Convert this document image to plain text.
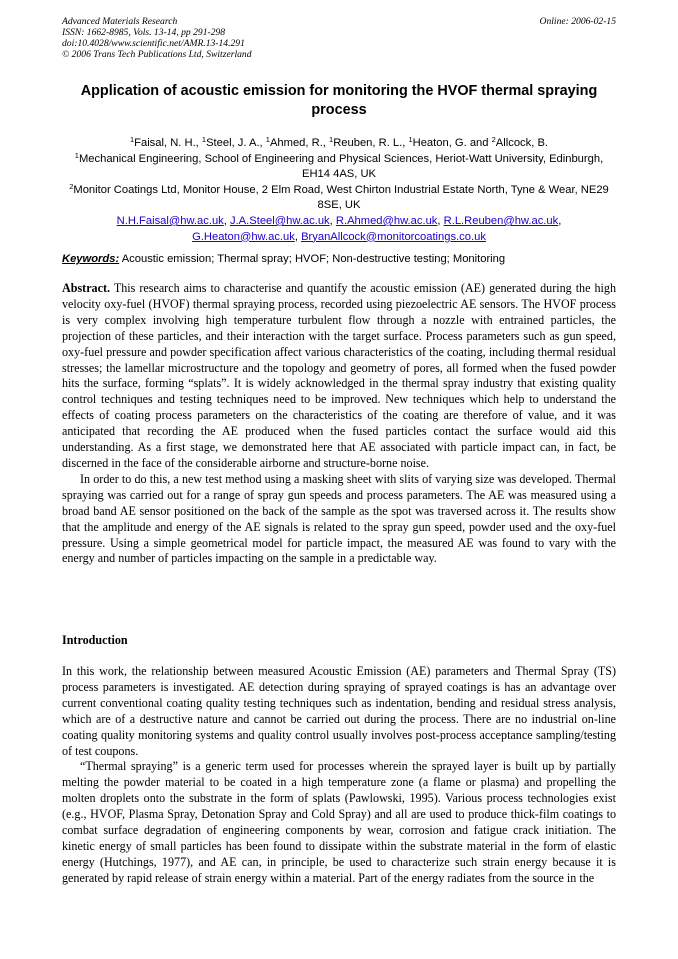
Advanced Materials Research
ISSN: 1662-8985, Vols. 13-14, pp 291-298
doi:10.4028/www.scientific.net/AMR.13-14.291
© 2006 Trans Tech Publications Ltd, Switzerland
Online: 2006-02-15
Application of acoustic emission for monitoring the HVOF thermal spraying process
$^1$Faisal, N. H., $^1$Steel, J. A., $^1$Ahmed, R., $^1$Reuben, R. L., $^1$Heaton, G. and $^2$Allcock, B.
$^1$Mechanical Engineering, School of Engineering and Physical Sciences, Heriot-Watt University, Edinburgh, EH14 4AS, UK
$^2$Monitor Coatings Ltd, Monitor House, 2 Elm Road, West Chirton Industrial Estate North, Tyne & Wear, NE29 8SE, UK
N.H.Faisal@hw.ac.uk, J.A.Steel@hw.ac.uk, R.Ahmed@hw.ac.uk, R.L.Reuben@hw.ac.uk,
G.Heaton@hw.ac.uk, BryanAllcock@monitorcoatings.co.uk
Keywords: Acoustic emission; Thermal spray; HVOF; Non-destructive testing; Monitoring

Abstract. This research aims to characterise and quantify the acoustic emission (AE) generated during the high velocity oxy-fuel (HVOF) thermal spraying process, recorded using piezoelectric AE sensors. The HVOF process is very complex involving high temperature turbulent flow through a nozzle with entrained particles, the projection of these particles, and their interaction with the target surface. Process parameters such as gun speed, oxy-fuel pressure and powder specification affect various characteristics of the coating, including thermal residual stresses; the lamellar microstructure and the topology and geometry of pores, all formed when the fused powder hits the surface, forming “splats”. It is widely acknowledged in the thermal spray industry that existing quality control techniques and testing techniques need to be improved. New techniques which help to understand the effects of coating process parameters on the characteristics of the coating are therefore of value, and it was anticipated that recording the AE produced when the fused particles contact the surface would aid this understanding. As a first stage, we demonstrated here that AE associated with particle impact can, in fact, be discerned in the face of the considerable airborne and structure-borne noise.

In order to do this, a new test method using a masking sheet with slits of varying size was developed. Thermal spraying was carried out for a range of spray gun speeds and process parameters. The AE was measured using a broad band AE sensor positioned on the back of the sample as the spot was traversed across it. The results show that the amplitude and energy of the AE signals is related to the spray gun speed, powder used and the oxy-fuel pressure. Using a simple geometrical model for particle impact, the measured AE was found to vary with the energy and number of particles impacting on the sample in a predictable way.

Introduction

In this work, the relationship between measured Acoustic Emission (AE) parameters and Thermal Spray (TS) process parameters is investigated. AE detection during spraying of sprayed coatings is has an advantage over current conventional coating quality testing techniques such as indentation, bending and residual stress analysis, which are of a destructive nature and cannot be carried out during the process. There are no industrial on-line coating quality monitoring systems and quality control usually involves post-process acceptance sampling/testing of test coupons.

“Thermal spraying” is a generic term used for processes wherein the sprayed layer is built up by partially melting the powder material to be coated in a high temperature zone (a flame or plasma) and propelling the molten droplets onto the substrate in the form of splats (Pawlowski, 1995). Various process technologies exist (e.g., HVOF, Plasma Spray, Detonation Spray and Cold Spray) and all are used to produce thick-film coatings to combat surface degradation of engineering components by wear, corrosion and fatigue crack initiation. The kinetic energy of small particles has been found to dissipate within the substrate material in the form of elastic energy (Hutchings, 1977), and AE can, in principle, be used to characterize such strain energy because it is generated by rapid release of strain energy within a material. Part of the energy radiates from the source in the
